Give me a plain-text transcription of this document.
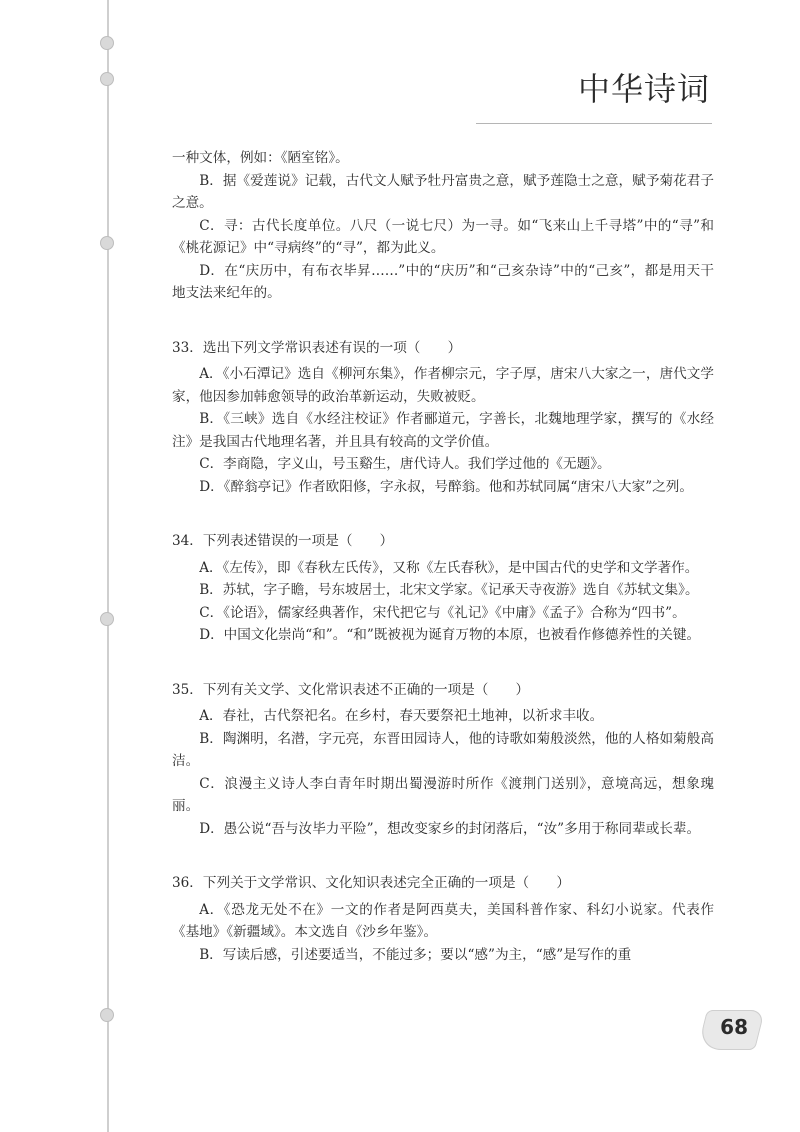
中华诗词

一种文体，例如：《陋室铭》。

B．据《爱莲说》记载，古代文人赋予牡丹富贵之意，赋予莲隐士之意，赋予菊花君子之意。

C．寻：古代长度单位。八尺（一说七尺）为一寻。如“飞来山上千寻塔”中的“寻”和《桃花源记》中“寻病终”的“寻”，都为此义。

D．在“庆历中，有布衣毕昇……”中的“庆历”和“己亥杂诗”中的“己亥”，都是用天干地支法来纪年的。

33．选出下列文学常识表述有误的一项（　　）

A．《小石潭记》选自《柳河东集》，作者柳宗元，字子厚，唐宋八大家之一，唐代文学家，他因参加韩愈领导的政治革新运动，失败被贬。

B．《三峡》选自《水经注校证》作者郦道元，字善长，北魏地理学家，撰写的《水经注》是我国古代地理名著，并且具有较高的文学价值。

C．李商隐，字义山，号玉谿生，唐代诗人。我们学过他的《无题》。

D．《醉翁亭记》作者欧阳修，字永叔，号醉翁。他和苏轼同属“唐宋八大家”之列。

34．下列表述错误的一项是（　　）

A．《左传》，即《春秋左氏传》，又称《左氏春秋》，是中国古代的史学和文学著作。

B．苏轼，字子瞻，号东坡居士，北宋文学家。《记承天寺夜游》选自《苏轼文集》。

C．《论语》，儒家经典著作，宋代把它与《礼记》《中庸》《孟子》合称为“四书”。

D．中国文化崇尚“和”。“和”既被视为诞育万物的本原，也被看作修德养性的关键。

35．下列有关文学、文化常识表述不正确的一项是（　　）

A．春社，古代祭祀名。在乡村，春天要祭祀土地神，以祈求丰收。

B．陶渊明，名潜，字元亮，东晋田园诗人，他的诗歌如菊般淡然，他的人格如菊般高洁。

C．浪漫主义诗人李白青年时期出蜀漫游时所作《渡荆门送别》，意境高远，想象瑰丽。

D．愚公说“吾与汝毕力平险”，想改变家乡的封闭落后，“汝”多用于称同辈或长辈。

36．下列关于文学常识、文化知识表述完全正确的一项是（　　）

A．《恐龙无处不在》一文的作者是阿西莫夫，美国科普作家、科幻小说家。代表作《基地》《新疆域》。本文选自《沙乡年鉴》。

B．写读后感，引述要适当，不能过多；要以“感”为主，“感”是写作的重

68
